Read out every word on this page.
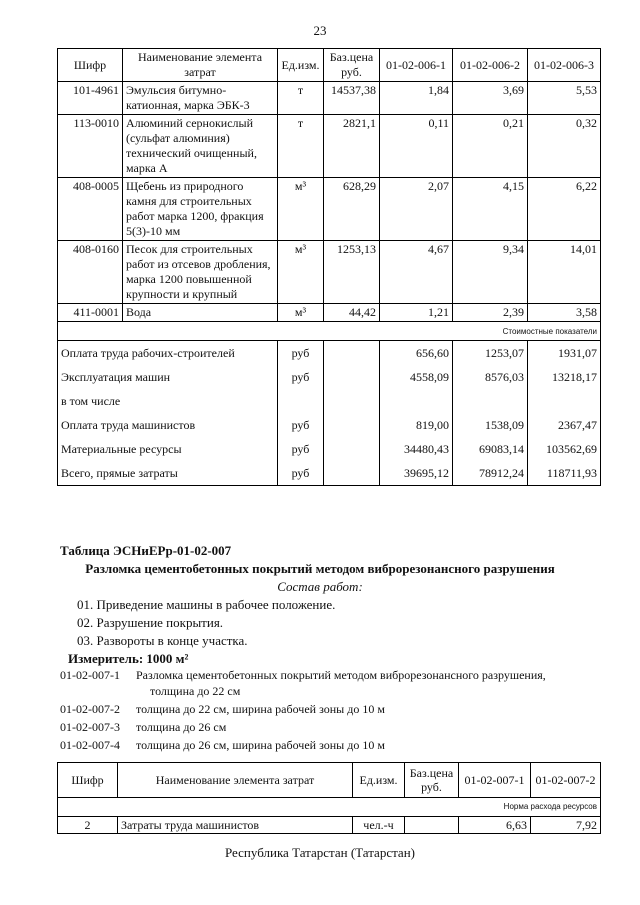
23
Шифр	Наименование элемента затрат	Ед.изм.	Баз.цена руб.	01-02-006-1	01-02-006-2	01-02-006-3
101-4961	Эмульсия битумно-катионная, марка ЭБК-3	т	14537,38	1,84	3,69	5,53
113-0010	Алюминий сернокислый (сульфат алюминия) технический очищенный, марка А	т	2821,1	0,11	0,21	0,32
408-0005	Щебень из природного камня для строительных работ марка 1200, фракция 5(3)-10 мм	м³	628,29	2,07	4,15	6,22
408-0160	Песок для строительных работ из отсевов дробления, марка 1200 повышенной крупности и крупный	м³	1253,13	4,67	9,34	14,01
411-0001	Вода	м³	44,42	1,21	2,39	3,58
Стоимостные показатели						
Оплата труда рабочих-строителей		руб		656,60	1253,07	1931,07
Эксплуатация машин		руб		4558,09	8576,03	13218,17
в том числе						
Оплата труда машинистов		руб		819,00	1538,09	2367,47
Материальные ресурсы		руб		34480,43	69083,14	103562,69
Всего, прямые затраты		руб		39695,12	78912,24	118711,93
Таблица ЭСНиЕРр-01-02-007
Разломка цементобетонных покрытий методом виброрезонансного разрушения
Состав работ:
01. Приведение машины в рабочее положение.
02. Разрушение покрытия.
03. Развороты в конце участка.
Измеритель: 1000 м²
01-02-007-1 Разломка цементобетонных покрытий методом виброрезонансного разрушения,
толщина до 22 см
01-02-007-2 толщина до 22 см, ширина рабочей зоны до 10 м
01-02-007-3 толщина до 26 см
01-02-007-4 толщина до 26 см, ширина рабочей зоны до 10 м
Шифр	Наименование элемента затрат	Ед.изм.	Баз.цена руб.	01-02-007-1	01-02-007-2
Норма расхода ресурсов					
2	Затраты труда машинистов	чел.-ч		6,63	7,92
Республика Татарстан (Татарстан)
